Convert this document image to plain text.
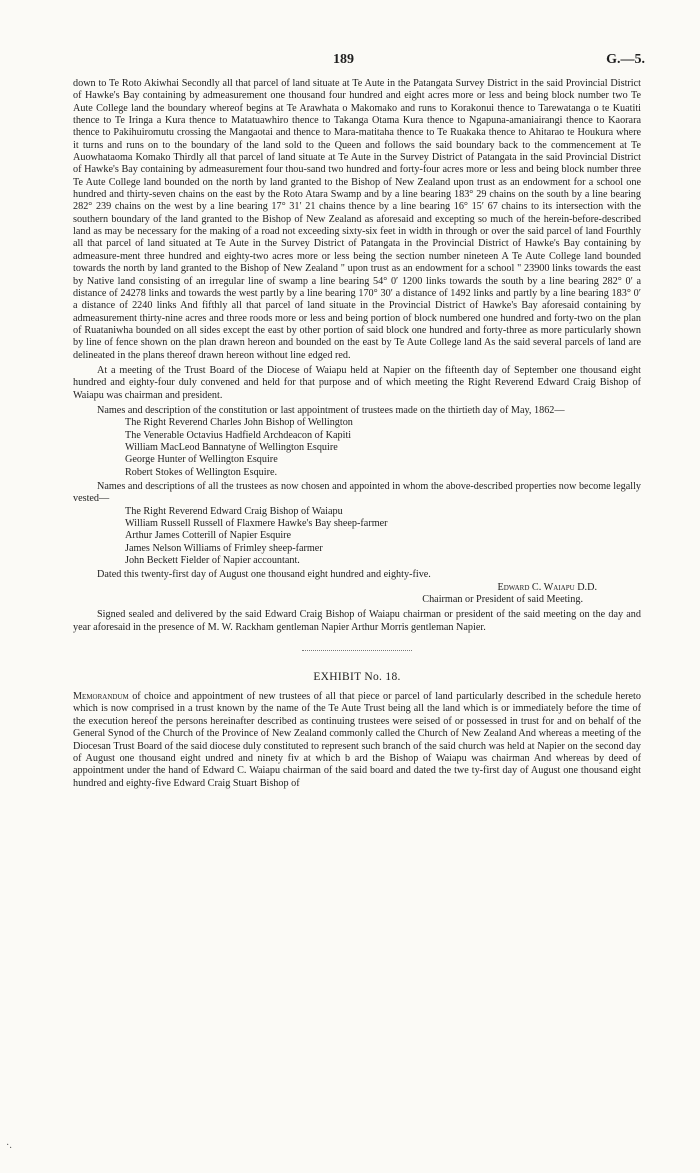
189	G.—5.

down to Te Roto Akiwhai Secondly all that parcel of land situate at Te Aute in the Patangata Survey District in the said Provincial District of Hawke's Bay containing by admeasurement one thousand four hundred and eight acres more or less and being block number two Te Aute College land the boundary whereof begins at Te Arawhata o Makomako and runs to Korakonui thence to Tarewatanga o te Kuatiti thence to Te Iringa a Kura thence to Matatuawhiro thence to Takanga Otama Kura thence to Ngapuna-amaniairangi thence to Kaorara thence to Pakihuiromutu crossing the Mangaotai and thence to Mara-matitaha thence to Te Ruakaka thence to Ahitarao te Houkura where it turns and runs on to the boundary of the land sold to the Queen and follows the said boundary back to the commencement at Te Auowhataoma Komako Thirdly all that parcel of land situate at Te Aute in the Survey District of Patangata in the said Provincial District of Hawke's Bay containing by admeasurement four thou-sand two hundred and forty-four acres more or less and being block number three Te Aute College land bounded on the north by land granted to the Bishop of New Zealand upon trust as an endowment for a school one hundred and thirty-seven chains on the east by the Roto Atara Swamp and by a line bearing 183° 29 chains on the south by a line bearing 282° 239 chains on the west by a line bearing 17° 31′ 21 chains thence by a line bearing 16° 15′ 67 chains to its intersection with the southern boundary of the land granted to the Bishop of New Zealand as aforesaid and excepting so much of the herein-before-described land as may be necessary for the making of a road not exceeding sixty-six feet in width in through or over the said parcel of land Fourthly all that parcel of land situated at Te Aute in the Survey District of Patangata in the Provincial District of Hawke's Bay containing by admeasure-ment three hundred and eighty-two acres more or less being the section number nineteen A Te Aute College land bounded towards the north by land granted to the Bishop of New Zealand " upon trust as an endowment for a school " 23900 links towards the east by Native land consisting of an irregular line of swamp a line bearing 54° 0′ 1200 links towards the south by a line bearing 282° 0′ a distance of 24278 links and towards the west partly by a line bearing 170° 30′ a distance of 1492 links and partly by a line bearing 183° 0′ a distance of 2240 links And fifthly all that parcel of land situate in the Provincial District of Hawke's Bay aforesaid containing by admeasurement thirty-nine acres and three roods more or less and being portion of block numbered one hundred and forty-two on the plan of Ruataniwha bounded on all sides except the east by other portion of said block one hundred and forty-three as more particularly shown by line of fence shown on the plan drawn hereon and bounded on the east by Te Aute College land As the said several parcels of land are delineated in the plans thereof drawn hereon without line edged red.

At a meeting of the Trust Board of the Diocese of Waiapu held at Napier on the fifteenth day of September one thousand eight hundred and eighty-four duly convened and held for that purpose and of which meeting the Right Reverend Edward Craig Bishop of Waiapu was chairman and president.

Names and description of the constitution or last appointment of trustees made on the thirtieth day of May, 1862—

The Right Reverend Charles John Bishop of Wellington
The Venerable Octavius Hadfield Archdeacon of Kapiti
William MacLeod Bannatyne of Wellington Esquire
George Hunter of Wellington Esquire
Robert Stokes of Wellington Esquire.

Names and descriptions of all the trustees as now chosen and appointed in whom the above-described properties now become legally vested—

The Right Reverend Edward Craig Bishop of Waiapu
William Russell Russell of Flaxmere Hawke's Bay sheep-farmer
Arthur James Cotterill of Napier Esquire
James Nelson Williams of Frimley sheep-farmer
John Beckett Fielder of Napier accountant.

Dated this twenty-first day of August one thousand eight hundred and eighty-five.

Edward C. Waiapu D.D.
Chairman or President of said Meeting.

Signed sealed and delivered by the said Edward Craig Bishop of Waiapu chairman or president of the said meeting on the day and year aforesaid in the presence of M. W. Rackham gentleman Napier Arthur Morris gentleman Napier.

EXHIBIT No. 18.

Memorandum of choice and appointment of new trustees of all that piece or parcel of land particularly described in the schedule hereto which is now comprised in a trust known by the name of the Te Aute Trust being all the land which is or immediately before the time of the execution hereof the persons hereinafter described as continuing trustees were seised of or possessed in trust for and on behalf of the General Synod of the Church of the Province of New Zealand commonly called the Church of New Zealand And whereas a meeting of the Diocesan Trust Board of the said diocese duly constituted to represent such branch of the said church was held at Napier on the second day of August one thousand eight undred and ninety fiv at which b ard the Bishop of Waiapu was chairman And whereas by deed of appointment under the hand of Edward C. Waiapu chairman of the said board and dated the twe ty-first day of August one thousand eight hundred and eighty-five Edward Craig Stuart Bishop of

·.
